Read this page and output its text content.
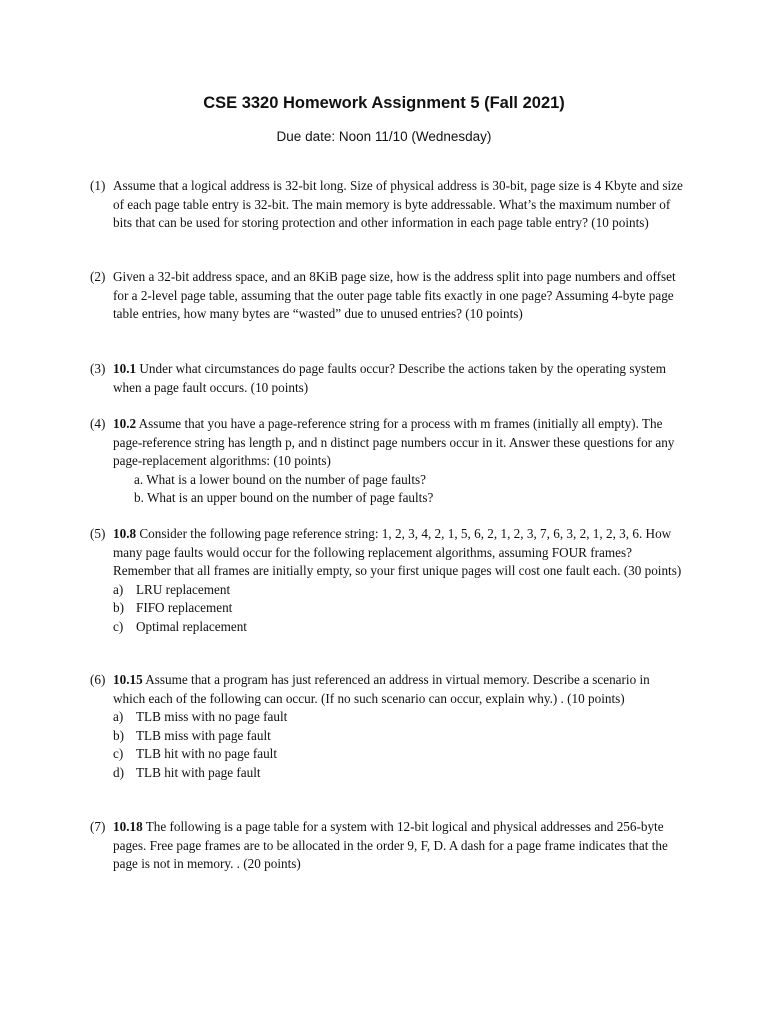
CSE 3320 Homework Assignment 5 (Fall 2021)
Due date: Noon 11/10 (Wednesday)
(1) Assume that a logical address is 32-bit long. Size of physical address is 30-bit, page size is 4 Kbyte and size of each page table entry is 32-bit. The main memory is byte addressable. What’s the maximum number of bits that can be used for storing protection and other information in each page table entry? (10 points)
(2) Given a 32-bit address space, and an 8KiB page size, how is the address split into page numbers and offset for a 2-level page table, assuming that the outer page table fits exactly in one page? Assuming 4-byte page table entries, how many bytes are “wasted” due to unused entries? (10 points)
(3) 10.1 Under what circumstances do page faults occur? Describe the actions taken by the operating system when a page fault occurs. (10 points)
(4) 10.2 Assume that you have a page-reference string for a process with m frames (initially all empty). The page-reference string has length p, and n distinct page numbers occur in it. Answer these questions for any page-replacement algorithms: (10 points)
a. What is a lower bound on the number of page faults?
b. What is an upper bound on the number of page faults?
(5) 10.8 Consider the following page reference string: 1, 2, 3, 4, 2, 1, 5, 6, 2, 1, 2, 3, 7, 6, 3, 2, 1, 2, 3, 6. How many page faults would occur for the following replacement algorithms, assuming FOUR frames? Remember that all frames are initially empty, so your first unique pages will cost one fault each. (30 points)
a) LRU replacement
b) FIFO replacement
c) Optimal replacement
(6) 10.15 Assume that a program has just referenced an address in virtual memory. Describe a scenario in which each of the following can occur. (If no such scenario can occur, explain why.) . (10 points)
a) TLB miss with no page fault
b) TLB miss with page fault
c) TLB hit with no page fault
d) TLB hit with page fault
(7) 10.18 The following is a page table for a system with 12-bit logical and physical addresses and 256-byte pages. Free page frames are to be allocated in the order 9, F, D. A dash for a page frame indicates that the page is not in memory. . (20 points)
